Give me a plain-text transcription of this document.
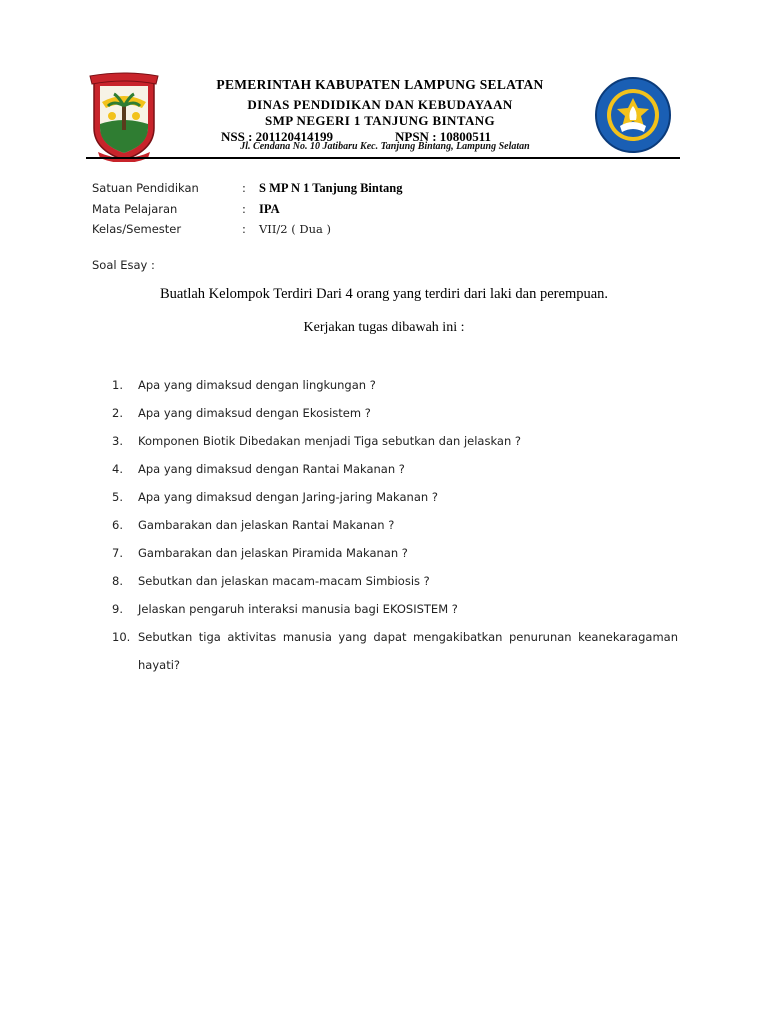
PEMERINTAH KABUPATEN LAMPUNG SELATAN
DINAS PENDIDIKAN DAN KEBUDAYAAN
SMP NEGERI 1 TANJUNG BINTANG
NSS : 201120414199	NPSN : 10800511
Jl. Cendana No. 10 Jatibaru Kec. Tanjung Bintang, Lampung Selatan
Satuan Pendidikan	: S MP N 1 Tanjung Bintang
Mata Pelajaran	: IPA
Kelas/Semester	: VII/2 ( Dua )
Soal Esay :
Buatlah Kelompok Terdiri Dari 4 orang yang terdiri dari laki dan perempuan.
Kerjakan tugas dibawah ini :
1. Apa yang dimaksud dengan lingkungan ?
2. Apa yang dimaksud dengan Ekosistem ?
3. Komponen Biotik Dibedakan menjadi Tiga sebutkan dan jelaskan ?
4. Apa yang dimaksud dengan Rantai Makanan ?
5. Apa yang dimaksud dengan Jaring-jaring Makanan ?
6. Gambarakan dan jelaskan Rantai Makanan ?
7. Gambarakan dan jelaskan Piramida Makanan ?
8. Sebutkan dan jelaskan macam-macam Simbiosis ?
9. Jelaskan pengaruh interaksi manusia bagi EKOSISTEM ?
10. Sebutkan tiga aktivitas manusia yang dapat mengakibatkan penurunan keanekaragaman hayati?
